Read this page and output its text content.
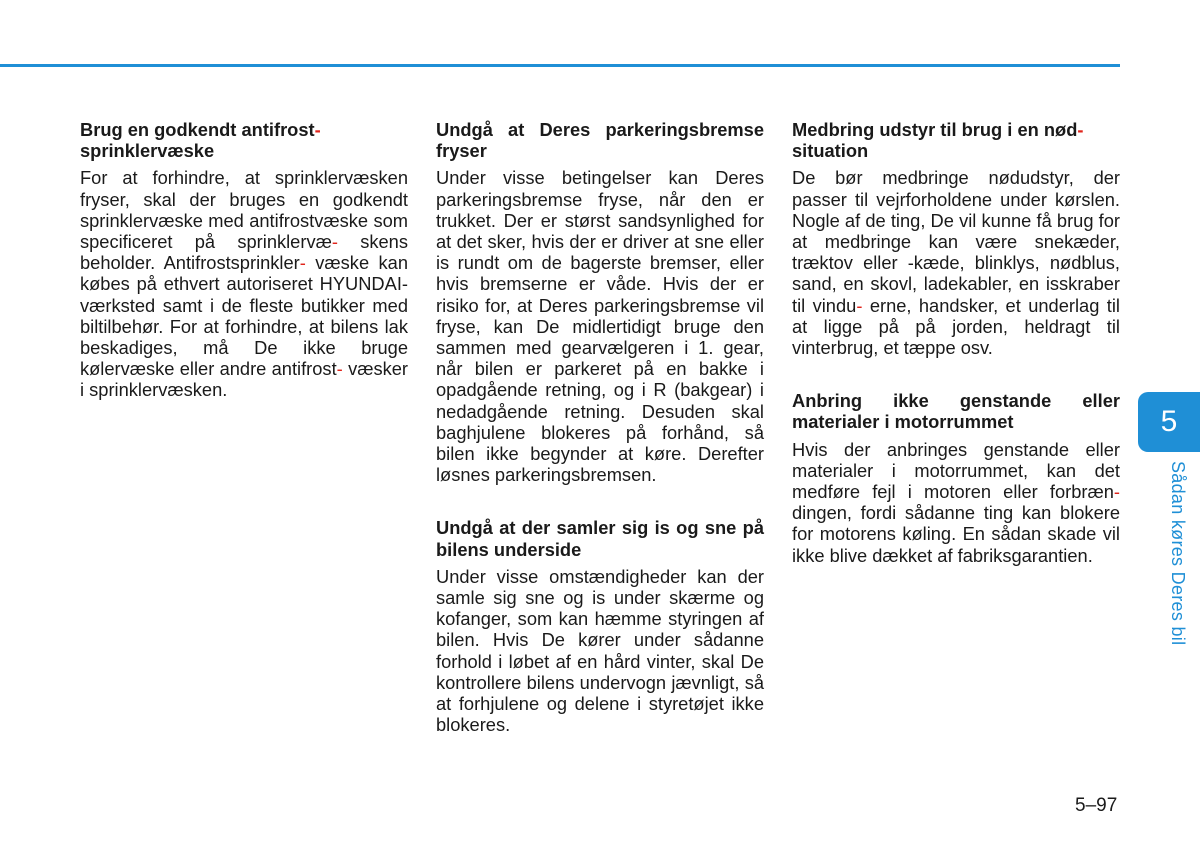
Brug en godkendt antifrost-
sprinklervæske

For at forhindre, at sprinklervæsken fryser, skal der bruges en godkendt sprinklervæske med antifrostvæske som specificeret på sprinklervæ- skens beholder. Antifrostsprinkler- væske kan købes på ethvert autoriseret HYUNDAI-værksted samt i de fleste butikker med biltilbehør. For at forhindre, at bilens lak beskadiges, må De ikke bruge kølervæske eller andre antifrost- væsker i sprinklervæsken.

Undgå at Deres parkeringsbremse fryser

Under visse betingelser kan Deres parkeringsbremse fryse, når den er trukket. Der er størst sandsynlighed for at det sker, hvis der er driver at sne eller is rundt om de bagerste bremser, eller hvis bremserne er våde. Hvis der er risiko for, at Deres parkeringsbremse vil fryse, kan De midlertidigt bruge den sammen med gearvælgeren i 1. gear, når bilen er parkeret på en bakke i opadgående retning, og i R (bakgear) i nedadgående retning. Desuden skal baghjulene blokeres på forhånd, så bilen ikke begynder at køre. Derefter løsnes parkeringsbremsen.

Undgå at der samler sig is og sne på bilens underside

Under visse omstændigheder kan der samle sig sne og is under skærme og kofanger, som kan hæmme styringen af bilen. Hvis De kører under sådanne forhold i løbet af en hård vinter, skal De kontrollere bilens undervogn jævnligt, så at forhjulene og delene i styretøjet ikke blokeres.

Medbring udstyr til brug i en nød-
situation

De bør medbringe nødudstyr, der passer til vejrforholdene under kørslen. Nogle af de ting, De vil kunne få brug for at medbringe kan være snekæder, træktov eller -kæde, blinklys, nødblus, sand, en skovl, ladekabler, en isskraber til vindu- erne, handsker, et underlag til at ligge på på jorden, heldragt til vinterbrug, et tæppe osv.

Anbring ikke genstande eller materialer i motorrummet

Hvis der anbringes genstande eller materialer i motorrummet, kan det medføre fejl i motoren eller forbræn- dingen, fordi sådanne ting kan blokere for motorens køling. En sådan skade vil ikke blive dækket af fabriksgarantien.

5
Sådan køres Deres bil
5–97
